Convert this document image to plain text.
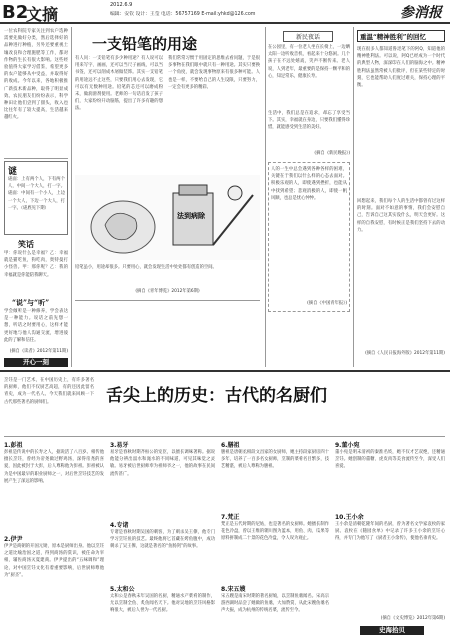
B2
文摘	2012.6.9
编辑：安钦 设计：王莹 电话：56757169 E-mail:yhkd@126.com	参消报
一位农科院专家关注到农户选种需要先做好分类，然后选择好的品种进行种植，另外还要重视土壤改良和合理施肥等工作，都对作物的生长有很大影响。这些经验值得大家学习借鉴，希望更多的农户能够从中受益，并取得好的收成。今年以来，各地积极推广新技术新品种，取得了明显成效。农民朋友们纷纷表示，科学种田让他们尝到了甜头，收入也比往年有了较大提高，生活越来越红火。
谜
谜面：上有两个人，下有两个人，中间一个大人，打一字。谜面：中间有一个小人，上边一个大人，下边一个大人，打一字。（谜底见下期）
笑话
甲：你说什么是幸福？乙：幸福就是猫吃鱼，狗吃肉，奥特曼打小怪兽。甲：那你呢？乙：我的幸福就是你能陪我聊天。
“说”与“听”
学会倾听是一种修养，学会表达是一种能力。说话之前先想一想，听话之时要用心，这样才能更好地与他人沟通交流，增进彼此的了解和信任。
(摘自《读者》2012年第11期)
开心一刻
一支铅笔的用途
有人问：一支铅笔有多少种用途？有人说可以用来写字、画画，还可以当尺子画线，可以当书签，还可以削成木屑做装饰。其实一支铅笔的用途远不止这些，只要我们用心去发现，它可以有无数种用途。铅笔的芯还可以磨成粉末，做润滑剂使用。老师的一句话启发了孩子们，大家纷纷开动脑筋，提出了许多有趣的想法。
我们常常习惯于用固定的思维去看问题，于是很多事物在我们眼中就只有一种用途。其实只要换一个角度，就会发现事物原来有很多种可能。人也是一样，不要给自己的人生设限，只要努力，一定会有更多的精彩。
法到病除
铅笔虽小，用途却很多。只要用心，就会发现生活中处处都有创造的空间。
(摘自《青年博览》2012年第6期)
新民夜话
在公园里，有一位老人坐在长椅上，一边晒太阳一边听收音机，看起来十分悠闲。几个孩子在不远处嬉戏，笑声不断传来。老人说，人到老年，最重要的是保持一颗平和的心，知足常乐，健康长寿。
生活中，我们总是在追求，却忘了享受当下。其实，幸福就在身边，只要我们懂得珍惜，就能感受到生活的美好。
(摘自《新民晚报》)
人的一生中总会遇到各种各样的困难，关键在于我们以什么样的心态去面对。积极乐观的人，即使遇到挫折，也能从中找到希望；悲观消极的人，即使一帆风顺，也总是忧心忡忡。
(摘自《中国青年报》)
重温“精神胜利”的回忆
现在很多人都知道鲁迅笔下的阿Q，知道他的精神胜利法。可以说，阿Q已经成为一个时代的典型人物，深深印在人们的脑海之中。精神胜利法虽然常被人们批评，但在某些特定的时刻，它也能帮助人们度过难关，保持心理的平衡。
回想起来，我们每个人的生活中都曾有过这样的时刻。面对不如意的事情，我们会安慰自己，告诉自己这其实没什么，明天会更好。这样的自我安慰，有时候正是我们坚持下去的动力。
(摘自《人民日报海外版》2012年第11期)
烹饪是一门艺术，在中国历史上，有许多著名的厨师，他们不仅厨艺高超，有的还因此留名青史，成为一代名人。今天我们就来回顾一下古代那些著名的厨师们。	舌尖上的历史：古代的名厨们
1.彭祖
彭祖是传说中的长寿之人，据说活了八百岁。相传他擅长烹饪，曾经为帝尧做过野鸡汤，深得帝尧的喜爱，因此被封于大彭，后人尊称他为彭祖。彭祖被认为是中国最早的职业厨师之一，对后世烹饪技艺的发展产生了深远的影响。
2.伊尹
伊尹是商朝的开国元勋，原本是厨师出身。他以烹饪之道比喻治国之道，得到商汤的赏识，被任命为宰相，辅佐商汤灭夏建商。伊尹提出的“五味调和”理论，对中国烹饪文化有着重要影响，后世厨师尊他为“厨圣”。
3.易牙
易牙是春秋时期齐桓公的宠臣，以擅长调味著称。据说他能分辨出淄水和渑水的不同味道，可见其味觉之灵敏。易牙被后世厨师奉为祖师爷之一，他的故事在民间流传甚广。
4.专诸
专诸是春秋时期吴国的刺客，为了刺杀吴王僚，他专门学习烹饪鱼的技艺。最终他将匕首藏在烤鱼腹中，成功刺杀了吴王僚，这就是著名的“鱼肠剑”的故事。
5.太和公
太和公是春秋末年吴国的名厨，精通水产菜肴的制作，尤以烹制全鱼、炙鱼闻名天下。他对吴地的烹饪风格影响很大，被后人誉为一代名厨。
6.膳祖
膳祖是唐朝丞相段文昌家的女厨师，她主持段家厨房四十多年，培养了一百多名女厨师，烹制的菜肴名目繁多，技艺精湛，被后人尊称为膳祖。
7.梵正
梵正是五代时期的尼姑，也是著名的女厨师。她擅长制作花色冷盘，曾以王维的辋川图为蓝本，用鱼、肉、瓜果等原料拼制成二十景的花色冷盘，令人叹为观止。
8.宋五嫂
宋五嫂是南宋时期的著名厨娘，以烹制鱼羹闻名。宋高宗游西湖时品尝了她做的鱼羹，大加赞赏，从此宋嫂鱼羹名声大振，成为杭州的传统名菜，流传至今。
9.董小宛
董小宛是明末清初的秦淮名妓，她不仅才艺双绝，还精通烹饪。她创制的董糖、虎皮肉等美食流传至今，深受人们喜爱。
10.王小余
王小余是清朝乾隆年间的名厨，曾为著名文学家袁枚的家厨。袁枚在《随园食单》中记录了许多王小余的烹饪心得，并专门为他写了《厨者王小余传》，使他名垂青史。
(摘自《文史博览》2012年第6期)
史海拾贝
